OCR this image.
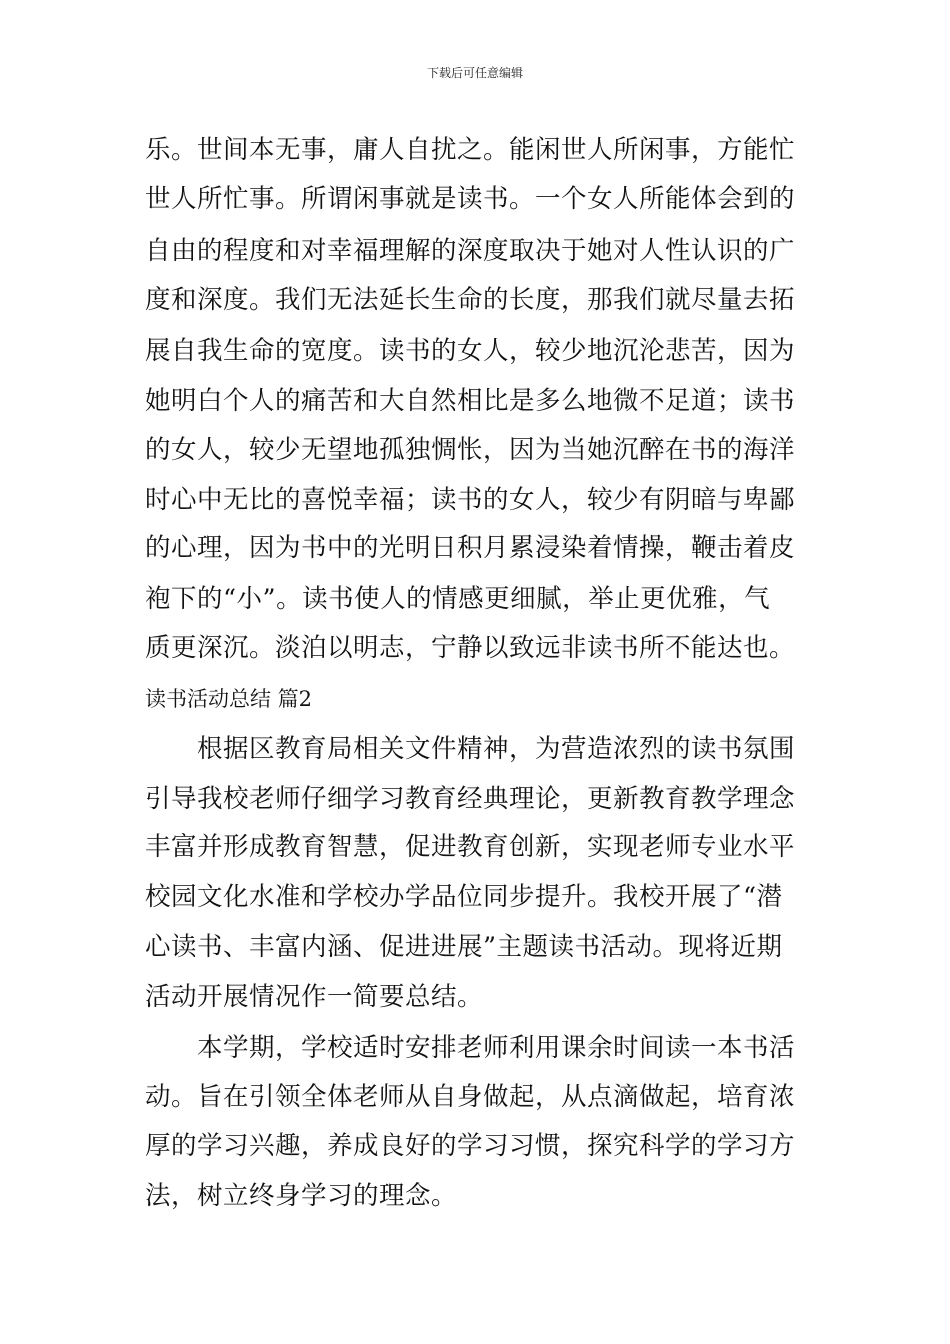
下载后可任意编辑
乐。世间本无事，庸人自扰之。能闲世人所闲事，方能忙
世人所忙事。所谓闲事就是读书。一个女人所能体会到的
自由的程度和对幸福理解的深度取决于她对人性认识的广
度和深度。我们无法延长生命的长度，那我们就尽量去拓
展自我生命的宽度。读书的女人，较少地沉沦悲苦，因为
她明白个人的痛苦和大自然相比是多么地微不足道；读书
的女人，较少无望地孤独惆怅，因为当她沉醉在书的海洋
时心中无比的喜悦幸福；读书的女人，较少有阴暗与卑鄙
的心理，因为书中的光明日积月累浸染着情操，鞭击着皮
袍下的“小”。读书使人的情感更细腻，举止更优雅，气
质更深沉。淡泊以明志，宁静以致远非读书所不能达也。
读书活动总结 篇2
根据区教育局相关文件精神，为营造浓烈的读书氛围
引导我校老师仔细学习教育经典理论，更新教育教学理念
丰富并形成教育智慧，促进教育创新，实现老师专业水平
校园文化水准和学校办学品位同步提升。我校开展了“潜
心读书、丰富内涵、促进进展”主题读书活动。现将近期
活动开展情况作一简要总结。
本学期，学校适时安排老师利用课余时间读一本书活
动。旨在引领全体老师从自身做起，从点滴做起，培育浓
厚的学习兴趣，养成良好的学习习惯，探究科学的学习方
法，树立终身学习的理念。
